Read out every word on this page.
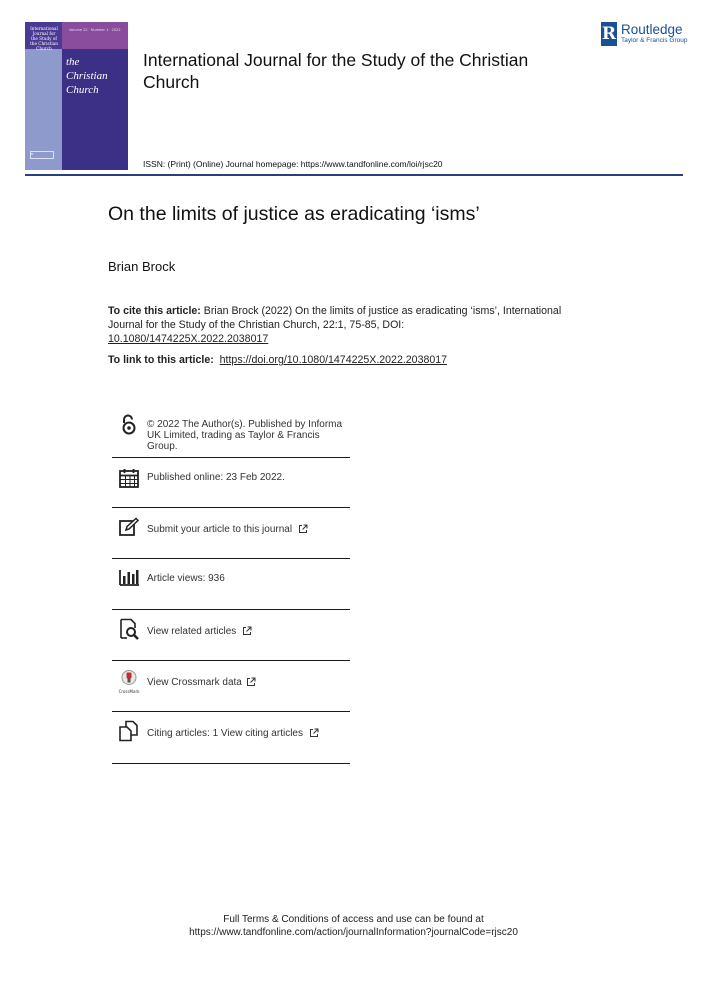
International Journal for the Study of the Christian Church
Volume 22 · Number 1 · 2022
the
Christian
Church
R
R Routledge
Taylor & Francis Group
International Journal for the Study of the Christian Church
ISSN: (Print) (Online) Journal homepage: https://www.tandfonline.com/loi/rjsc20
On the limits of justice as eradicating ‘isms’
Brian Brock
To cite this article: Brian Brock (2022) On the limits of justice as eradicating ‘isms’, International Journal for the Study of the Christian Church, 22:1, 75-85, DOI:
10.1080/1474225X.2022.2038017
To link to this article: https://doi.org/10.1080/1474225X.2022.2038017
© 2022 The Author(s). Published by Informa
UK Limited, trading as Taylor & Francis
Group.
Published online: 23 Feb 2022.
Submit your article to this journal
Article views: 936
View related articles
CrossMark
View Crossmark data
Citing articles: 1 View citing articles
Full Terms & Conditions of access and use can be found at
https://www.tandfonline.com/action/journalInformation?journalCode=rjsc20
